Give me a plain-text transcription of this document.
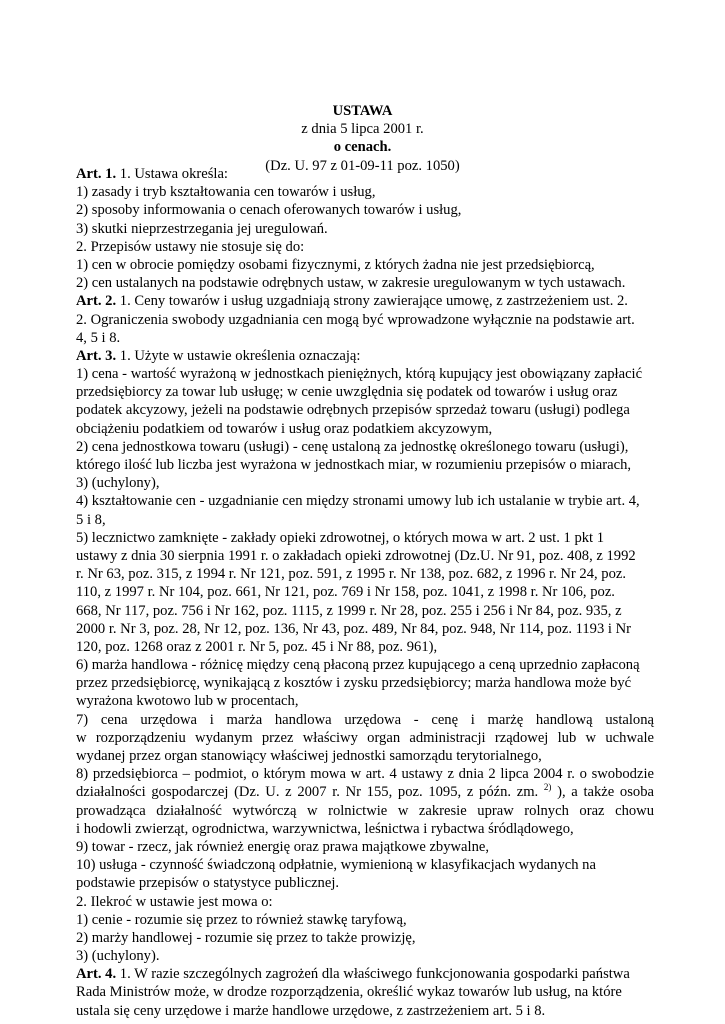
USTAWA
z dnia 5 lipca 2001 r.
o cenach.
(Dz. U. 97 z 01-09-11 poz. 1050)
Art. 1. 1. Ustawa określa:
1) zasady i tryb kształtowania cen towarów i usług,
2) sposoby informowania o cenach oferowanych towarów i usług,
3) skutki nieprzestrzegania jej uregulowań.
2. Przepisów ustawy nie stosuje się do:
1) cen w obrocie pomiędzy osobami fizycznymi, z których żadna nie jest przedsiębiorcą,
2) cen ustalanych na podstawie odrębnych ustaw, w zakresie uregulowanym w tych ustawach.
Art. 2. 1. Ceny towarów i usług uzgadniają strony zawierające umowę, z zastrzeżeniem ust. 2.
2. Ograniczenia swobody uzgadniania cen mogą być wprowadzone wyłącznie na podstawie art.
4, 5 i 8.
Art. 3. 1. Użyte w ustawie określenia oznaczają:
1) cena - wartość wyrażoną w jednostkach pieniężnych, którą kupujący jest obowiązany zapłacić
przedsiębiorcy za towar lub usługę; w cenie uwzględnia się podatek od towarów i usług oraz
podatek akcyzowy, jeżeli na podstawie odrębnych przepisów sprzedaż towaru (usługi) podlega
obciążeniu podatkiem od towarów i usług oraz podatkiem akcyzowym,
2) cena jednostkowa towaru (usługi) - cenę ustaloną za jednostkę określonego towaru (usługi),
którego ilość lub liczba jest wyrażona w jednostkach miar, w rozumieniu przepisów o miarach,
3) (uchylony),
4) kształtowanie cen - uzgadnianie cen między stronami umowy lub ich ustalanie w trybie art. 4,
5 i 8,
5) lecznictwo zamknięte - zakłady opieki zdrowotnej, o których mowa w art. 2 ust. 1 pkt 1
ustawy z dnia 30 sierpnia 1991 r. o zakładach opieki zdrowotnej (Dz.U. Nr 91, poz. 408, z 1992
r. Nr 63, poz. 315, z 1994 r. Nr 121, poz. 591, z 1995 r. Nr 138, poz. 682, z 1996 r. Nr 24, poz.
110, z 1997 r. Nr 104, poz. 661, Nr 121, poz. 769 i Nr 158, poz. 1041, z 1998 r. Nr 106, poz.
668, Nr 117, poz. 756 i Nr 162, poz. 1115, z 1999 r. Nr 28, poz. 255 i 256 i Nr 84, poz. 935, z
2000 r. Nr 3, poz. 28, Nr 12, poz. 136, Nr 43, poz. 489, Nr 84, poz. 948, Nr 114, poz. 1193 i Nr
120, poz. 1268 oraz z 2001 r. Nr 5, poz. 45 i Nr 88, poz. 961),
6) marża handlowa - różnicę między ceną płaconą przez kupującego a ceną uprzednio zapłaconą
przez przedsiębiorcę, wynikającą z kosztów i zysku przedsiębiorcy; marża handlowa może być
wyrażona kwotowo lub w procentach,
7) cena urzędowa i marża handlowa urzędowa - cenę i marżę handlową ustaloną
w rozporządzeniu wydanym przez właściwy organ administracji rządowej lub w uchwale
wydanej przez organ stanowiący właściwej jednostki samorządu terytorialnego,
8) przedsiębiorca – podmiot, o którym mowa w art. 4 ustawy z dnia 2 lipca 2004 r. o swobodzie
działalności gospodarczej (Dz. U. z 2007 r. Nr 155, poz. 1095, z późn. zm. $^{2)}$ ), a także osoba
prowadząca działalność wytwórczą w rolnictwie w zakresie upraw rolnych oraz chowu
i hodowli zwierząt, ogrodnictwa, warzywnictwa, leśnictwa i rybactwa śródlądowego,
9) towar - rzecz, jak również energię oraz prawa majątkowe zbywalne,
10) usługa - czynność świadczoną odpłatnie, wymienioną w klasyfikacjach wydanych na
podstawie przepisów o statystyce publicznej.
2. Ilekroć w ustawie jest mowa o:
1) cenie - rozumie się przez to również stawkę taryfową,
2) marży handlowej - rozumie się przez to także prowizję,
3) (uchylony).
Art. 4. 1. W razie szczególnych zagrożeń dla właściwego funkcjonowania gospodarki państwa
Rada Ministrów może, w drodze rozporządzenia, określić wykaz towarów lub usług, na które
ustala się ceny urzędowe i marże handlowe urzędowe, z zastrzeżeniem art. 5 i 8.
